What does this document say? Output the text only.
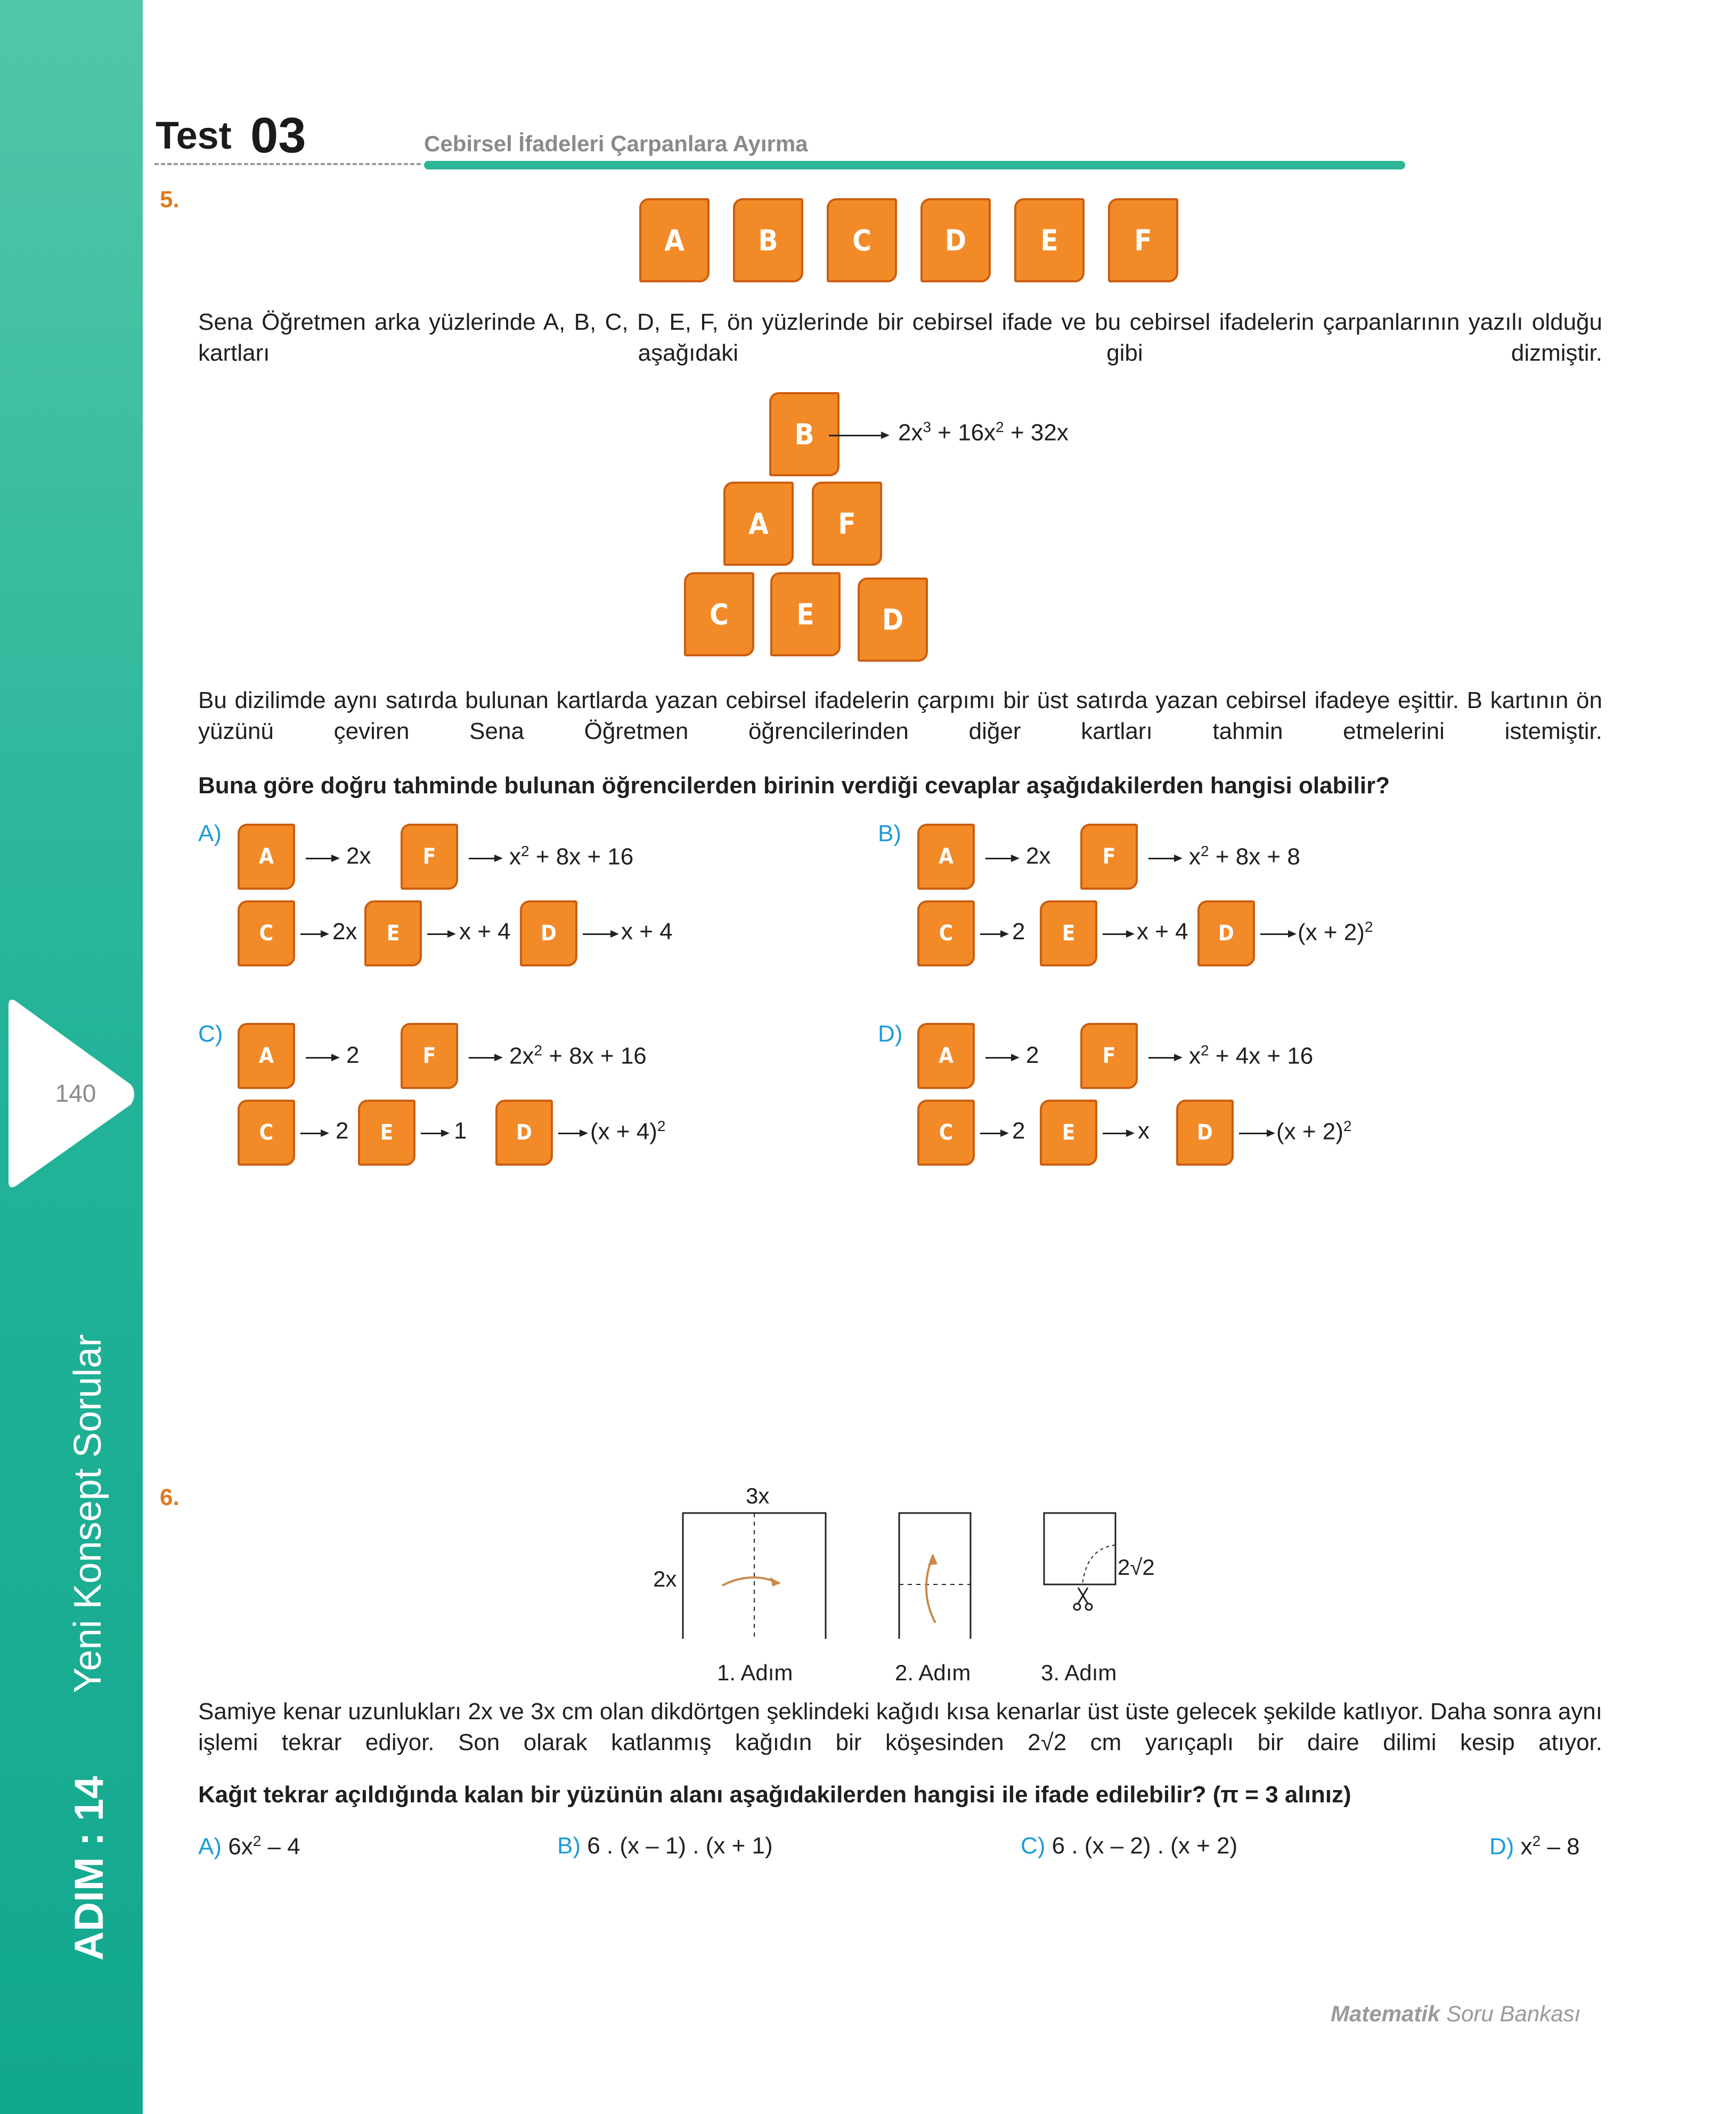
140
Yeni Konsept Sorular
ADIM : 14
Test 03	Cebirsel İfadeleri Çarpanlara Ayırma
5.
A	B	C	D	E	F
Sena Öğretmen arka yüzlerinde A, B, C, D, E, F, ön yüzlerinde bir cebirsel ifade ve bu cebirsel ifadelerin çarpanlarının yazılı olduğu kartları aşağıdaki gibi dizmiştir.
B	$2x^3 + 16x^2 + 32x$
A	F
C	E	D
Bu dizilimde aynı satırda bulunan kartlarda yazan cebirsel ifadelerin çarpımı bir üst satırda yazan cebirsel ifadeye eşittir. B kartının ön yüzünü çeviren Sena Öğretmen öğrencilerinden diğer kartları tahmin etmelerini istemiştir.
Buna göre doğru tahminde bulunan öğrencilerden birinin verdiği cevaplar aşağıdakilerden hangisi olabilir?
A)
A	2x	F	$x^2 + 8x + 16$
C	2x	E	x + 4	D	x + 4
B)
A	2x	F	$x^2 + 8x + 8$
C	2	E	x + 4	D	$(x + 2)^2$
C)
A	2	F	$2x^2 + 8x + 16$
C	2	E	1	D	$(x + 4)^2$
D)
A	2	F	$x^2 + 4x + 16$
C	2	E	x	D	$(x + 2)^2$
6.	3x
2x	2√2
1. Adım	2. Adım	3. Adım
Samiye kenar uzunlukları 2x ve 3x cm olan dikdörtgen şeklindeki kağıdı kısa kenarlar üst üste gelecek şekilde katlıyor. Daha sonra aynı işlemi tekrar ediyor. Son olarak katlanmış kağıdın bir köşesinden 2√2 cm yarıçaplı bir daire dilimi kesip atıyor.
Kağıt tekrar açıldığında kalan bir yüzünün alanı aşağıdakilerden hangisi ile ifade edilebilir? (π = 3 alınız)
A) $6x^2 - 4$	B) 6 . (x – 1) . (x + 1)	C) 6 . (x – 2) . (x + 2)	D) $x^2 - 8$
Matematik Soru Bankası
